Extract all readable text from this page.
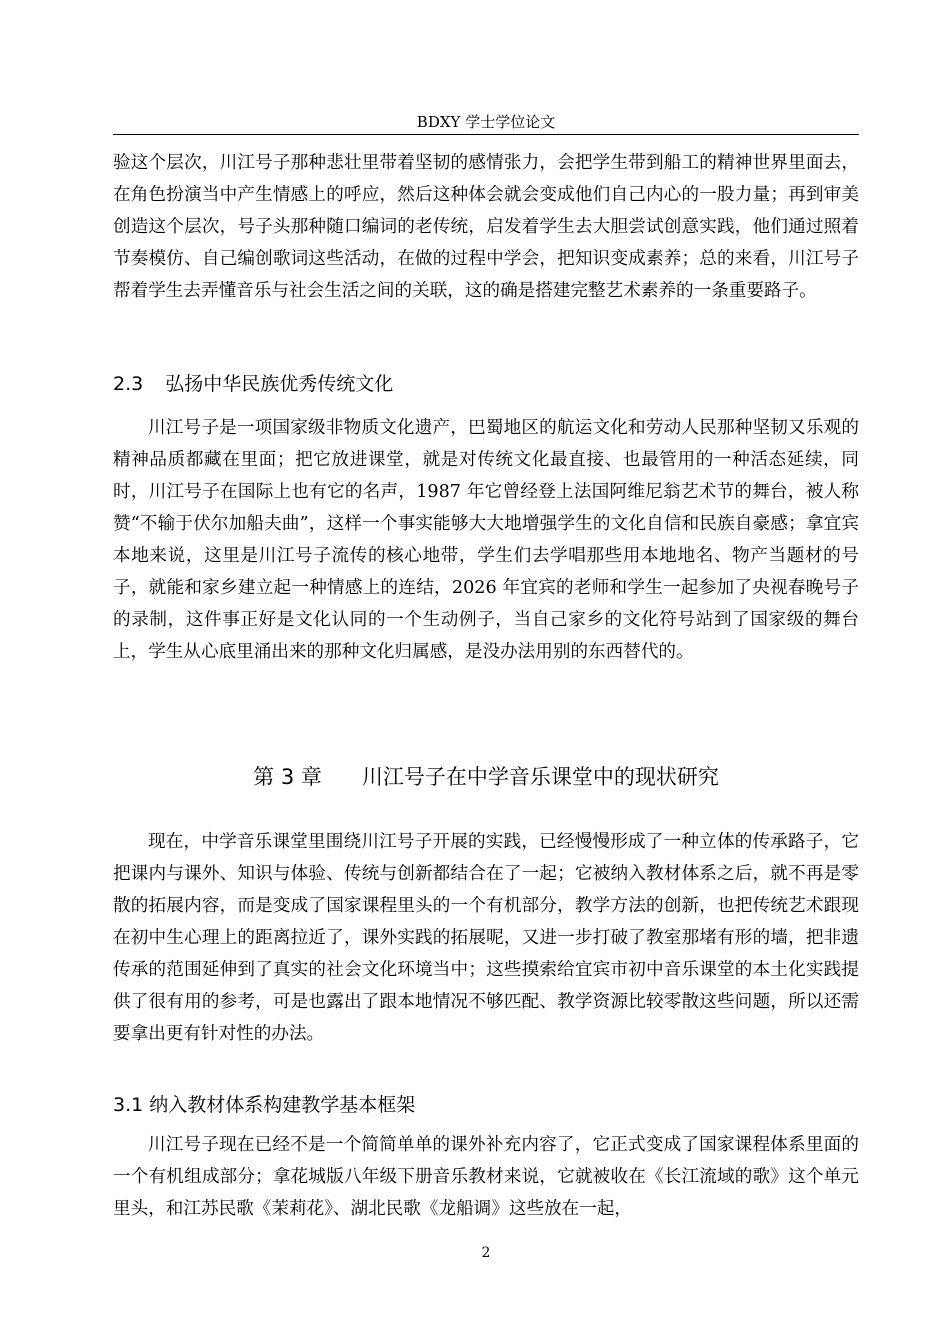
BDXY 学士学位论文

验这个层次，川江号子那种悲壮里带着坚韧的感情张力，会把学生带到船工的精神世界里面去，在角色扮演当中产生情感上的呼应，然后这种体会就会变成他们自己内心的一股力量；再到审美创造这个层次，号子头那种随口编词的老传统，启发着学生去大胆尝试创意实践，他们通过照着节奏模仿、自己编创歌词这些活动，在做的过程中学会，把知识变成素养；总的来看，川江号子帮着学生去弄懂音乐与社会生活之间的关联，这的确是搭建完整艺术素养的一条重要路子。

2.3 弘扬中华民族优秀传统文化

川江号子是一项国家级非物质文化遗产，巴蜀地区的航运文化和劳动人民那种坚韧又乐观的精神品质都藏在里面；把它放进课堂，就是对传统文化最直接、也最管用的一种活态延续，同时，川江号子在国际上也有它的名声，1987 年它曾经登上法国阿维尼翁艺术节的舞台，被人称赞“不输于伏尔加船夫曲”，这样一个事实能够大大地增强学生的文化自信和民族自豪感；拿宜宾本地来说，这里是川江号子流传的核心地带，学生们去学唱那些用本地地名、物产当题材的号子，就能和家乡建立起一种情感上的连结，2026 年宜宾的老师和学生一起参加了央视春晚号子的录制，这件事正好是文化认同的一个生动例子，当自己家乡的文化符号站到了国家级的舞台上，学生从心底里涌出来的那种文化归属感，是没办法用别的东西替代的。

第 3 章 川江号子在中学音乐课堂中的现状研究

现在，中学音乐课堂里围绕川江号子开展的实践，已经慢慢形成了一种立体的传承路子，它把课内与课外、知识与体验、传统与创新都结合在了一起；它被纳入教材体系之后，就不再是零散的拓展内容，而是变成了国家课程里头的一个有机部分，教学方法的创新，也把传统艺术跟现在初中生心理上的距离拉近了，课外实践的拓展呢，又进一步打破了教室那堵有形的墙，把非遗传承的范围延伸到了真实的社会文化环境当中；这些摸索给宜宾市初中音乐课堂的本土化实践提供了很有用的参考，可是也露出了跟本地情况不够匹配、教学资源比较零散这些问题，所以还需要拿出更有针对性的办法。

3.1 纳入教材体系构建教学基本框架

川江号子现在已经不是一个简简单单的课外补充内容了，它正式变成了国家课程体系里面的一个有机组成部分；拿花城版八年级下册音乐教材来说，它就被收在《长江流域的歌》这个单元里头，和江苏民歌《茉莉花》、湖北民歌《龙船调》这些放在一起，

2
